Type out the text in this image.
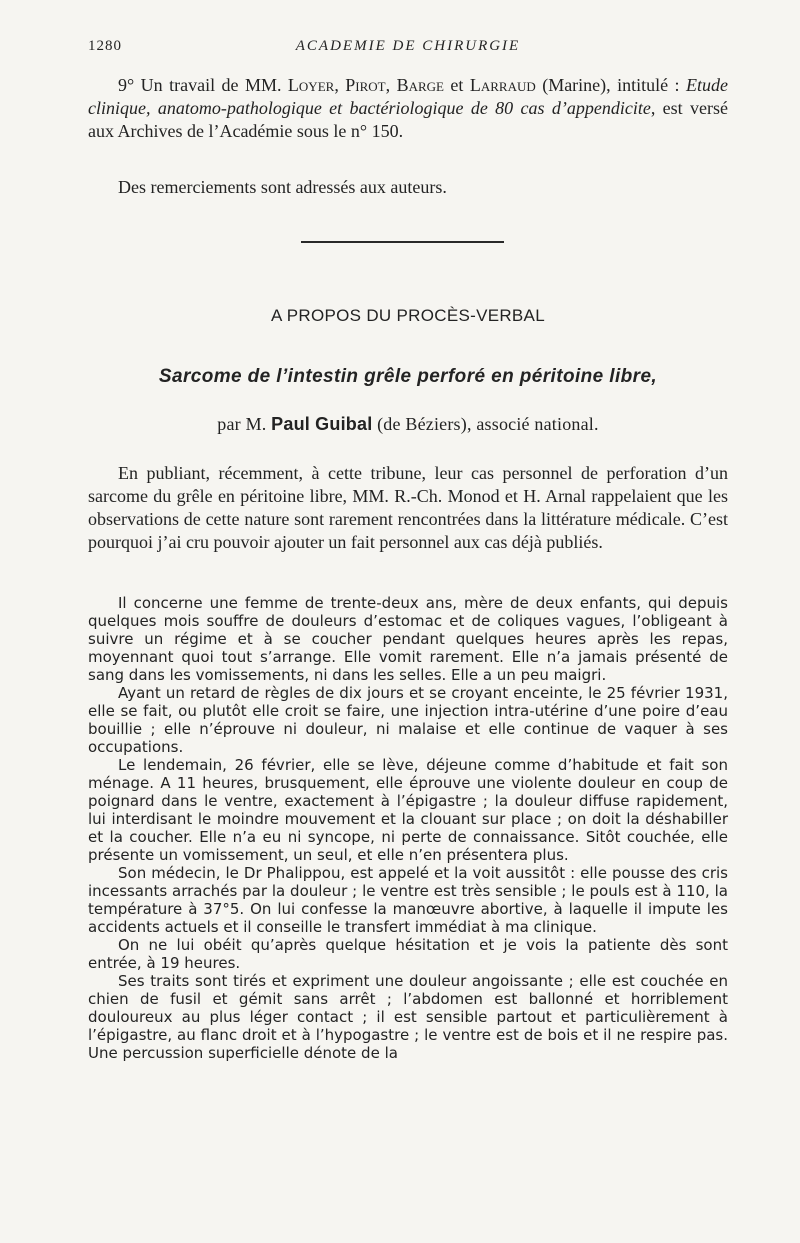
1280	ACADEMIE DE CHIRURGIE

9° Un travail de MM. Loyer, Pirot, Barge et Larraud (Marine), intitulé : Etude clinique, anatomo-pathologique et bactériologique de 80 cas d’appendicite, est versé aux Archives de l’Académie sous le n° 150.

Des remerciements sont adressés aux auteurs.

A PROPOS DU PROCÈS-VERBAL
Sarcome de l’intestin grêle perforé en péritoine libre,

par M. Paul Guibal (de Béziers), associé national.

En publiant, récemment, à cette tribune, leur cas personnel de perforation d’un sarcome du grêle en péritoine libre, MM. R.-Ch. Monod et H. Arnal rappelaient que les observations de cette nature sont rarement rencontrées dans la littérature médicale. C’est pourquoi j’ai cru pouvoir ajouter un fait personnel aux cas déjà publiés.

Il concerne une femme de trente-deux ans, mère de deux enfants, qui depuis quelques mois souffre de douleurs d’estomac et de coliques vagues, l’obligeant à suivre un régime et à se coucher pendant quelques heures après les repas, moyennant quoi tout s’arrange. Elle vomit rarement. Elle n’a jamais présenté de sang dans les vomissements, ni dans les selles. Elle a un peu maigri.

Ayant un retard de règles de dix jours et se croyant enceinte, le 25 février 1931, elle se fait, ou plutôt elle croit se faire, une injection intra-utérine d’une poire d’eau bouillie ; elle n’éprouve ni douleur, ni malaise et elle continue de vaquer à ses occupations.

Le lendemain, 26 février, elle se lève, déjeune comme d’habitude et fait son ménage. A 11 heures, brusquement, elle éprouve une violente douleur en coup de poignard dans le ventre, exactement à l’épigastre ; la douleur diffuse rapidement, lui interdisant le moindre mouvement et la clouant sur place ; on doit la déshabiller et la coucher. Elle n’a eu ni syncope, ni perte de connaissance. Sitôt couchée, elle présente un vomissement, un seul, et elle n’en présentera plus.

Son médecin, le Dr Phalippou, est appelé et la voit aussitôt : elle pousse des cris incessants arrachés par la douleur ; le ventre est très sensible ; le pouls est à 110, la température à 37°5. On lui confesse la manœuvre abortive, à laquelle il impute les accidents actuels et il conseille le transfert immédiat à ma clinique.

On ne lui obéit qu’après quelque hésitation et je vois la patiente dès sont entrée, à 19 heures.

Ses traits sont tirés et expriment une douleur angoissante ; elle est couchée en chien de fusil et gémit sans arrêt ; l’abdomen est ballonné et horriblement douloureux au plus léger contact ; il est sensible partout et particulièrement à l’épigastre, au flanc droit et à l’hypogastre ; le ventre est de bois et il ne respire pas. Une percussion superficielle dénote de la
